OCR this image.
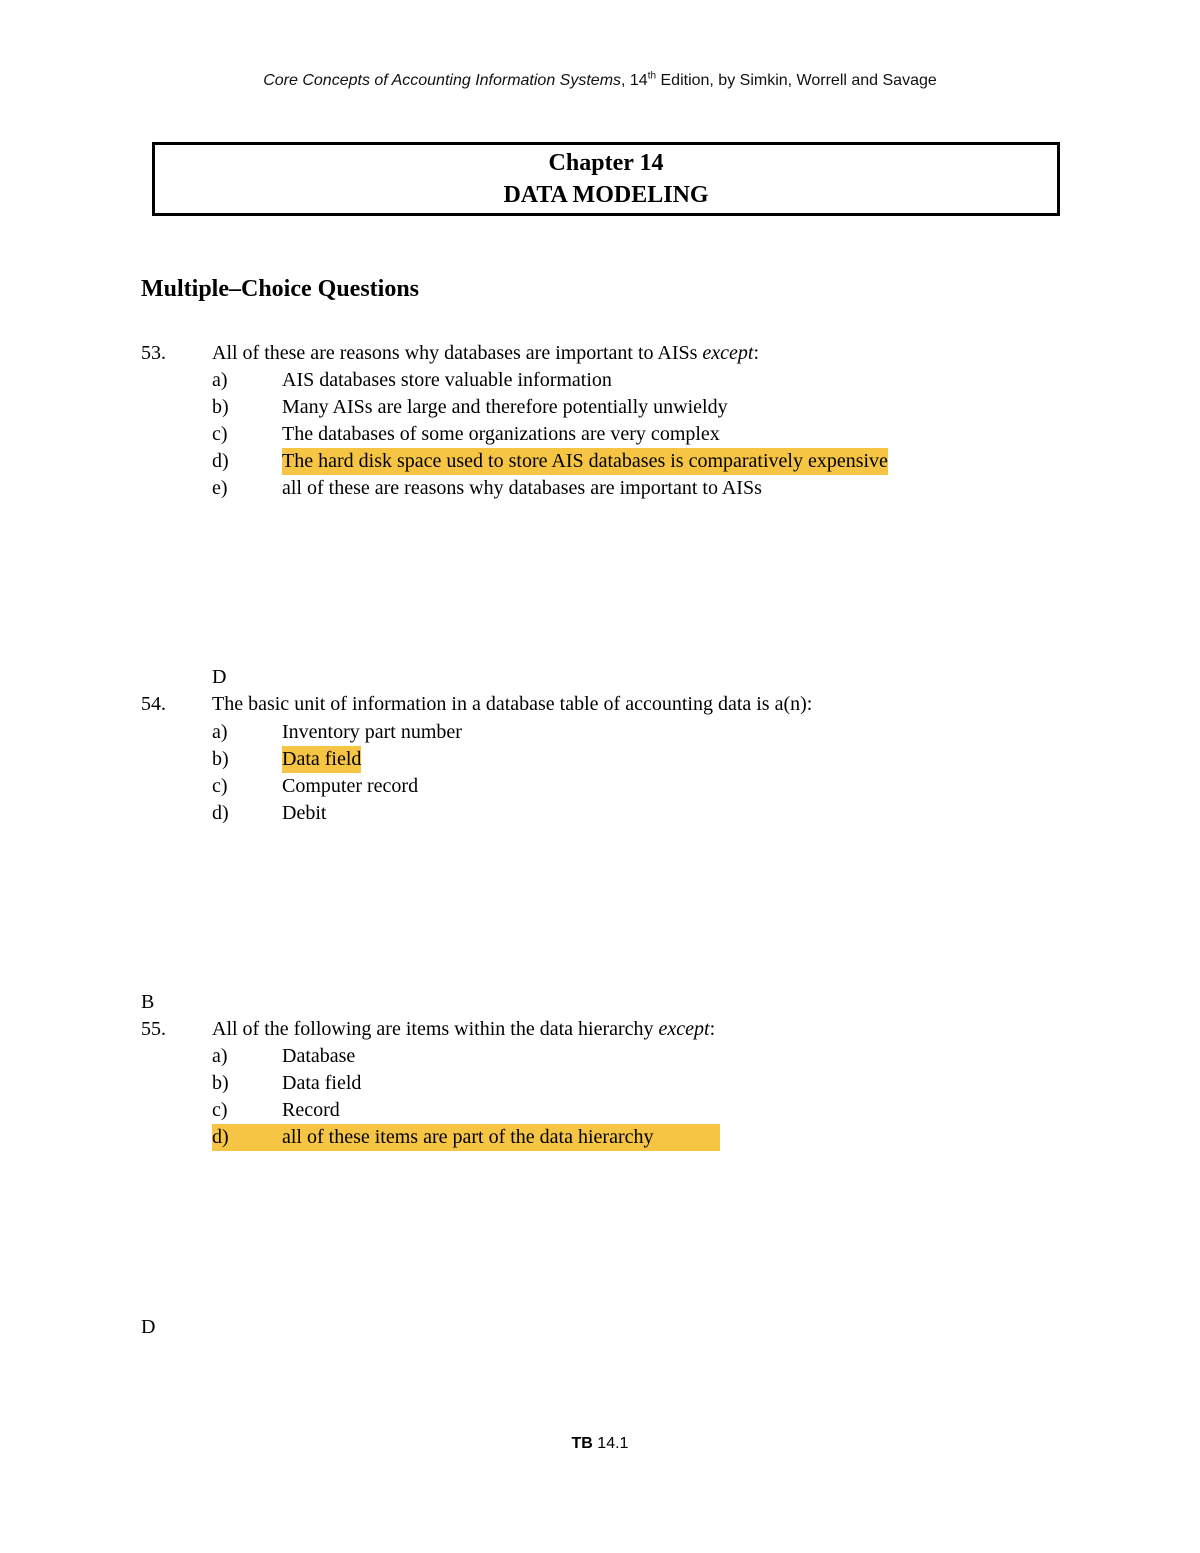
Core Concepts of Accounting Information Systems, 14th Edition, by Simkin, Worrell and Savage
Chapter 14
DATA MODELING
Multiple–Choice Questions
53. All of these are reasons why databases are important to AISs except:
a)	AIS databases store valuable information
b)	Many AISs are large and therefore potentially unwieldy
c)	The databases of some organizations are very complex
d)	The hard disk space used to store AIS databases is comparatively expensive
e)	all of these are reasons why databases are important to AISs
D
54. The basic unit of information in a database table of accounting data is a(n):
a)	Inventory part number
b)	Data field
c)	Computer record
d)	Debit
B
55. All of the following are items within the data hierarchy except:
a)	Database
b)	Data field
c)	Record
d)	all of these items are part of the data hierarchy
D
TB 14.1
